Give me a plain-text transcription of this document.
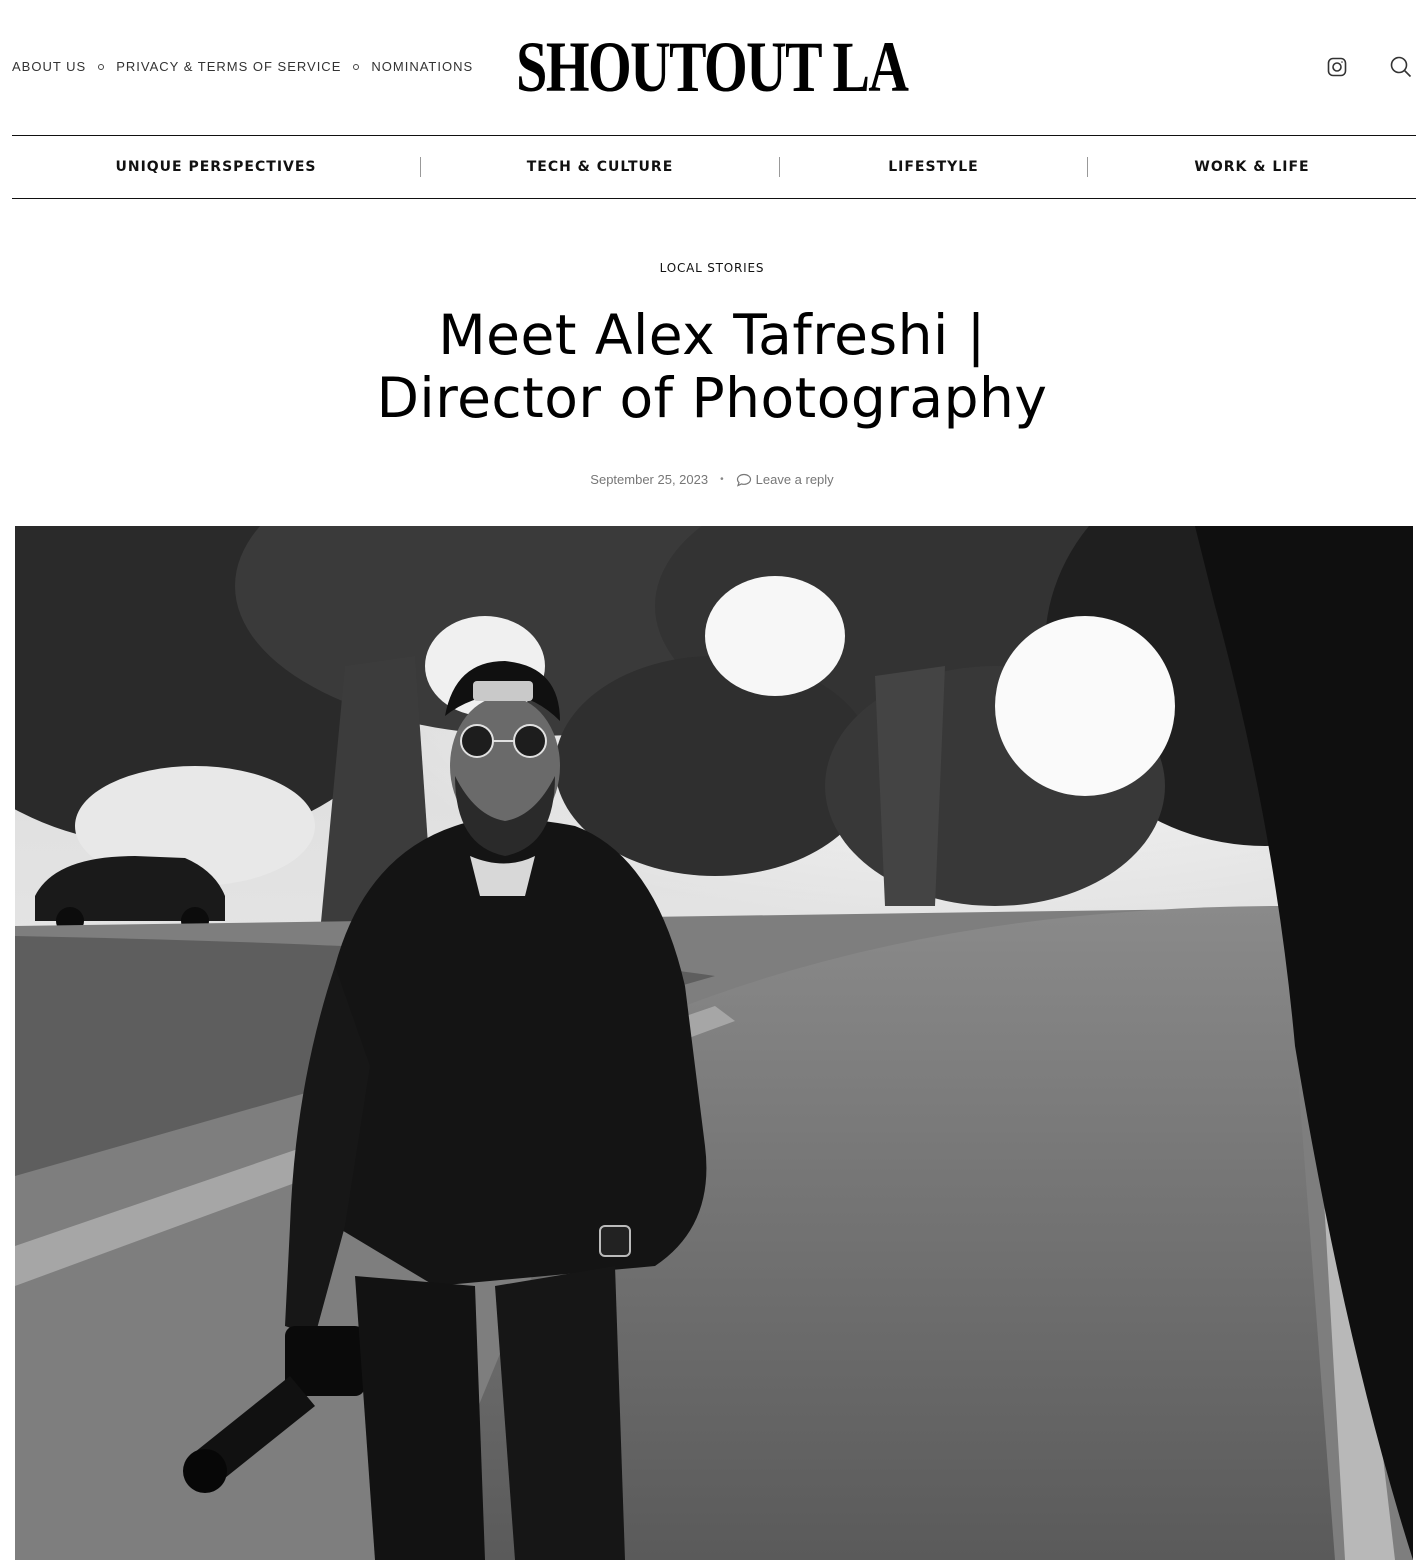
ABOUT US PRIVACY & TERMS OF SERVICE NOMINATIONS SHOUTOUT LA
UNIQUE PERSPECTIVES	TECH & CULTURE	LIFESTYLE	WORK & LIFE
LOCAL STORIES
Meet Alex Tafreshi |
Director of Photography
September 25, 2023 • Leave a reply
